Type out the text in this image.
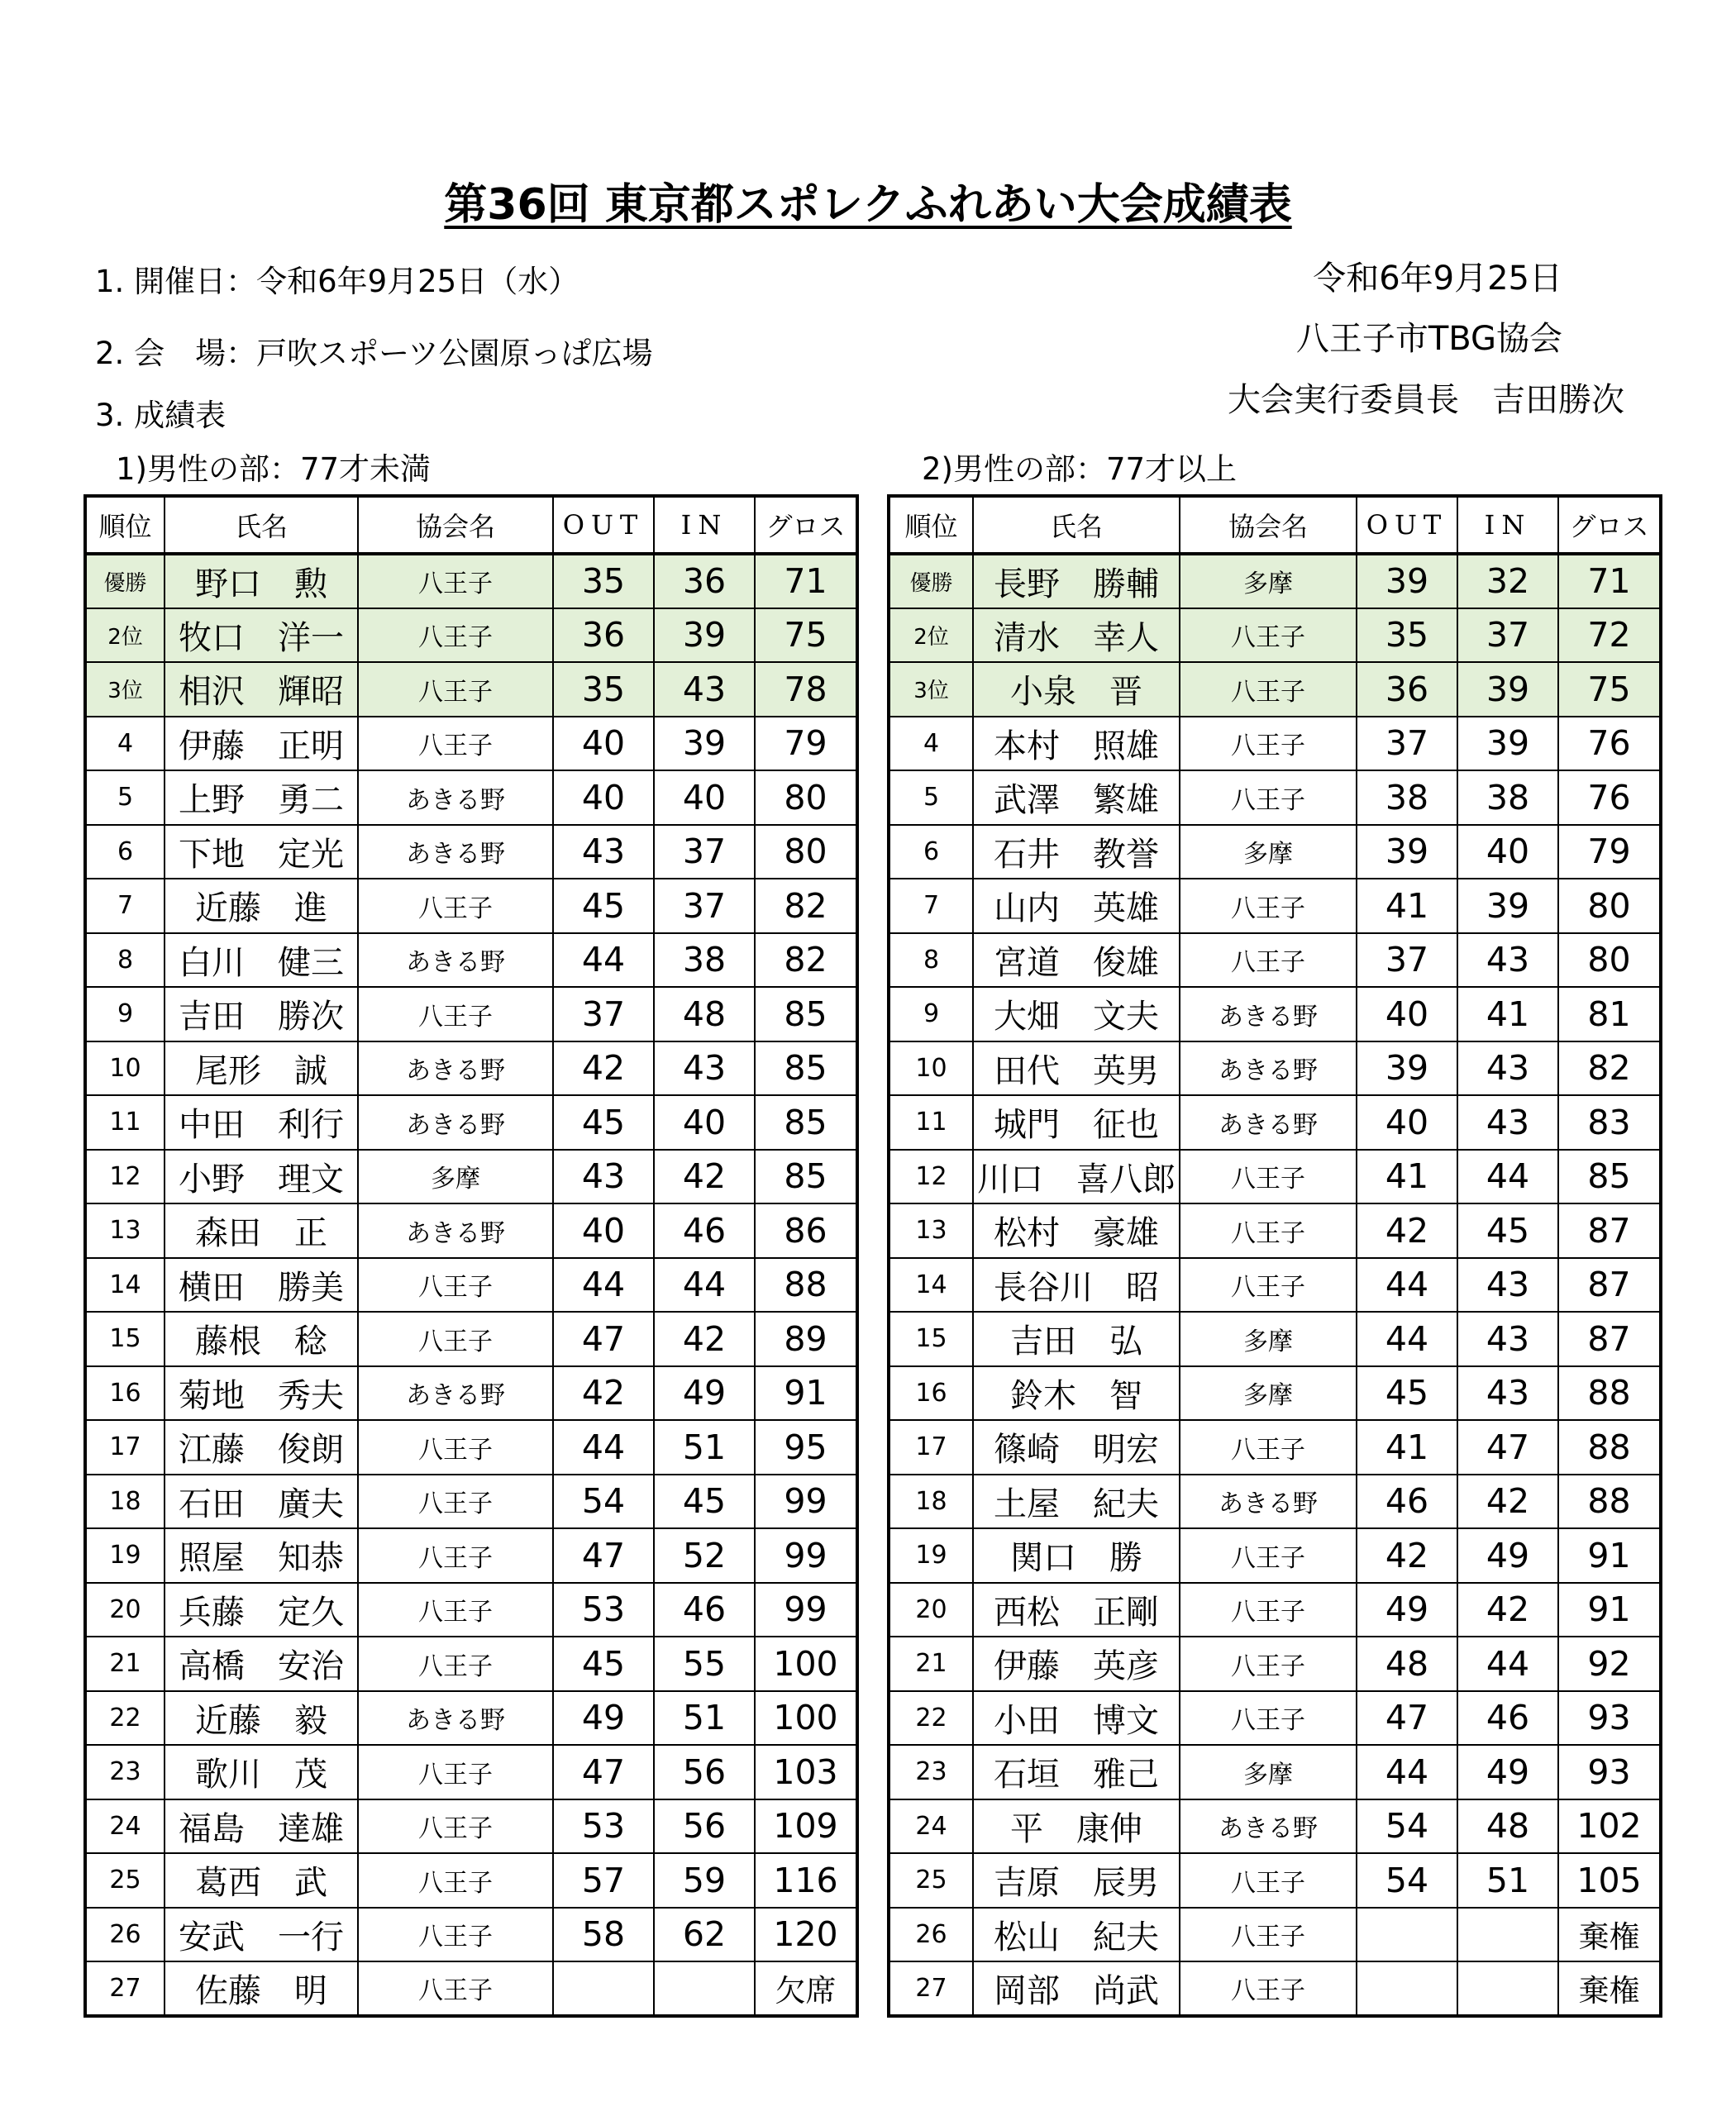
第36回 東京都スポレクふれあい大会成績表
1. 開催日：令和6年9月25日（水）
2. 会　場：戸吹スポーツ公園原っぱ広場
3. 成績表
令和6年9月25日
八王子市TBG協会
大会実行委員長　吉田勝次
1)男性の部：77才未満	2)男性の部：77才以上
順位	氏名	協会名	OUT	IN	グロス
優勝	野口　勲	八王子	35	36	71
2位	牧口　洋一	八王子	36	39	75
3位	相沢　輝昭	八王子	35	43	78
4	伊藤　正明	八王子	40	39	79
5	上野　勇二	あきる野	40	40	80
6	下地　定光	あきる野	43	37	80
7	近藤　進	八王子	45	37	82
8	白川　健三	あきる野	44	38	82
9	吉田　勝次	八王子	37	48	85
10	尾形　誠	あきる野	42	43	85
11	中田　利行	あきる野	45	40	85
12	小野　理文	多摩	43	42	85
13	森田　正	あきる野	40	46	86
14	横田　勝美	八王子	44	44	88
15	藤根　稔	八王子	47	42	89
16	菊地　秀夫	あきる野	42	49	91
17	江藤　俊朗	八王子	44	51	95
18	石田　廣夫	八王子	54	45	99
19	照屋　知恭	八王子	47	52	99
20	兵藤　定久	八王子	53	46	99
21	高橋　安治	八王子	45	55	100
22	近藤　毅	あきる野	49	51	100
23	歌川　茂	八王子	47	56	103
24	福島　達雄	八王子	53	56	109
25	葛西　武	八王子	57	59	116
26	安武　一行	八王子	58	62	120
27	佐藤　明	八王子			欠席
順位	氏名	協会名	OUT	IN	グロス
優勝	長野　勝輔	多摩	39	32	71
2位	清水　幸人	八王子	35	37	72
3位	小泉　晋	八王子	36	39	75
4	本村　照雄	八王子	37	39	76
5	武澤　繁雄	八王子	38	38	76
6	石井　教誉	多摩	39	40	79
7	山内　英雄	八王子	41	39	80
8	宮道　俊雄	八王子	37	43	80
9	大畑　文夫	あきる野	40	41	81
10	田代　英男	あきる野	39	43	82
11	城門　征也	あきる野	40	43	83
12	川口　喜八郎	八王子	41	44	85
13	松村　豪雄	八王子	42	45	87
14	長谷川　昭	八王子	44	43	87
15	吉田　弘	多摩	44	43	87
16	鈴木　智	多摩	45	43	88
17	篠崎　明宏	八王子	41	47	88
18	土屋　紀夫	あきる野	46	42	88
19	関口　勝	八王子	42	49	91
20	西松　正剛	八王子	49	42	91
21	伊藤　英彦	八王子	48	44	92
22	小田　博文	八王子	47	46	93
23	石垣　雅己	多摩	44	49	93
24	平　康伸	あきる野	54	48	102
25	吉原　辰男	八王子	54	51	105
26	松山　紀夫	八王子			棄権
27	岡部　尚武	八王子			棄権
